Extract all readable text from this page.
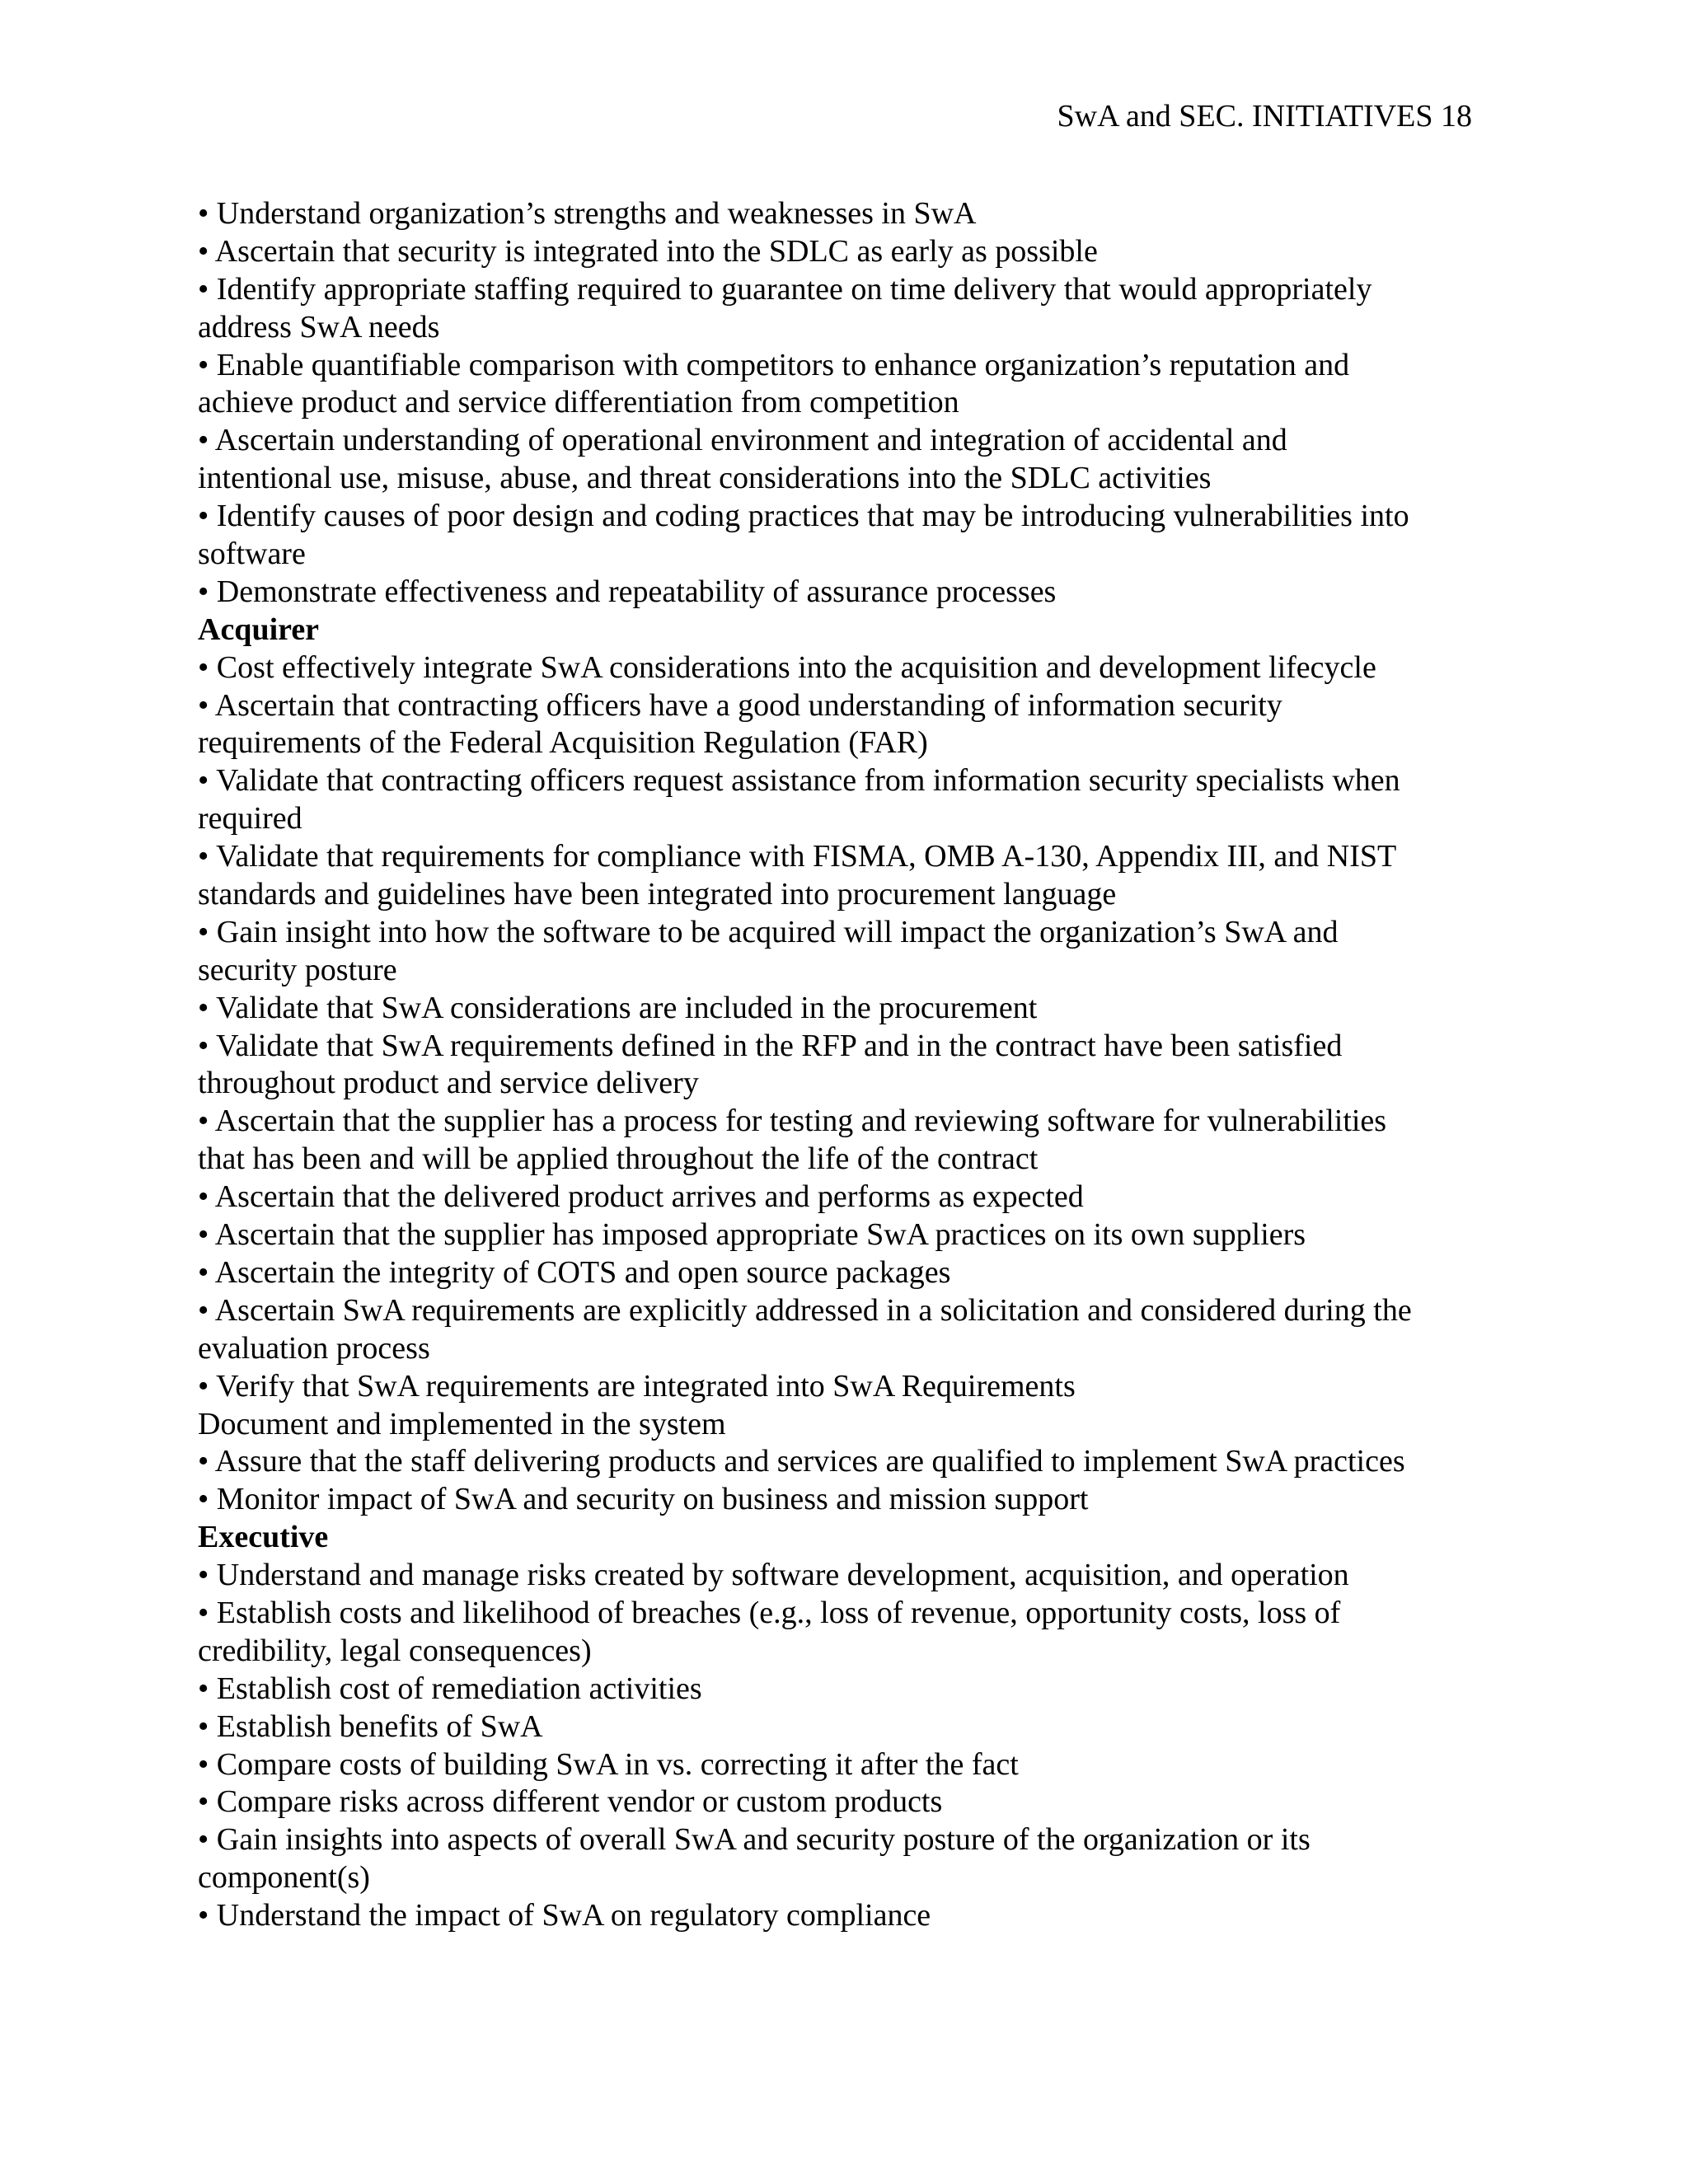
SwA and SEC. INITIATIVES 18
• Understand organization’s strengths and weaknesses in SwA
• Ascertain that security is integrated into the SDLC as early as possible
• Identify appropriate staffing required to guarantee on time delivery that would appropriately
address SwA needs
• Enable quantifiable comparison with competitors to enhance organization’s reputation and
achieve product and service differentiation from competition
• Ascertain understanding of operational environment and integration of accidental and
intentional use, misuse, abuse, and threat considerations into the SDLC activities
• Identify causes of poor design and coding practices that may be introducing vulnerabilities into
software
• Demonstrate effectiveness and repeatability of assurance processes
Acquirer
• Cost effectively integrate SwA considerations into the acquisition and development lifecycle
• Ascertain that contracting officers have a good understanding of information security
requirements of the Federal Acquisition Regulation (FAR)
• Validate that contracting officers request assistance from information security specialists when
required
• Validate that requirements for compliance with FISMA, OMB A-130, Appendix III, and NIST
standards and guidelines have been integrated into procurement language
• Gain insight into how the software to be acquired will impact the organization’s SwA and
security posture
• Validate that SwA considerations are included in the procurement
• Validate that SwA requirements defined in the RFP and in the contract have been satisfied
throughout product and service delivery
• Ascertain that the supplier has a process for testing and reviewing software for vulnerabilities
that has been and will be applied throughout the life of the contract
• Ascertain that the delivered product arrives and performs as expected
• Ascertain that the supplier has imposed appropriate SwA practices on its own suppliers
• Ascertain the integrity of COTS and open source packages
• Ascertain SwA requirements are explicitly addressed in a solicitation and considered during the
evaluation process
• Verify that SwA requirements are integrated into SwA Requirements
Document and implemented in the system
• Assure that the staff delivering products and services are qualified to implement SwA practices
• Monitor impact of SwA and security on business and mission support
Executive
• Understand and manage risks created by software development, acquisition, and operation
• Establish costs and likelihood of breaches (e.g., loss of revenue, opportunity costs, loss of
credibility, legal consequences)
• Establish cost of remediation activities
• Establish benefits of SwA
• Compare costs of building SwA in vs. correcting it after the fact
• Compare risks across different vendor or custom products
• Gain insights into aspects of overall SwA and security posture of the organization or its
component(s)
• Understand the impact of SwA on regulatory compliance
